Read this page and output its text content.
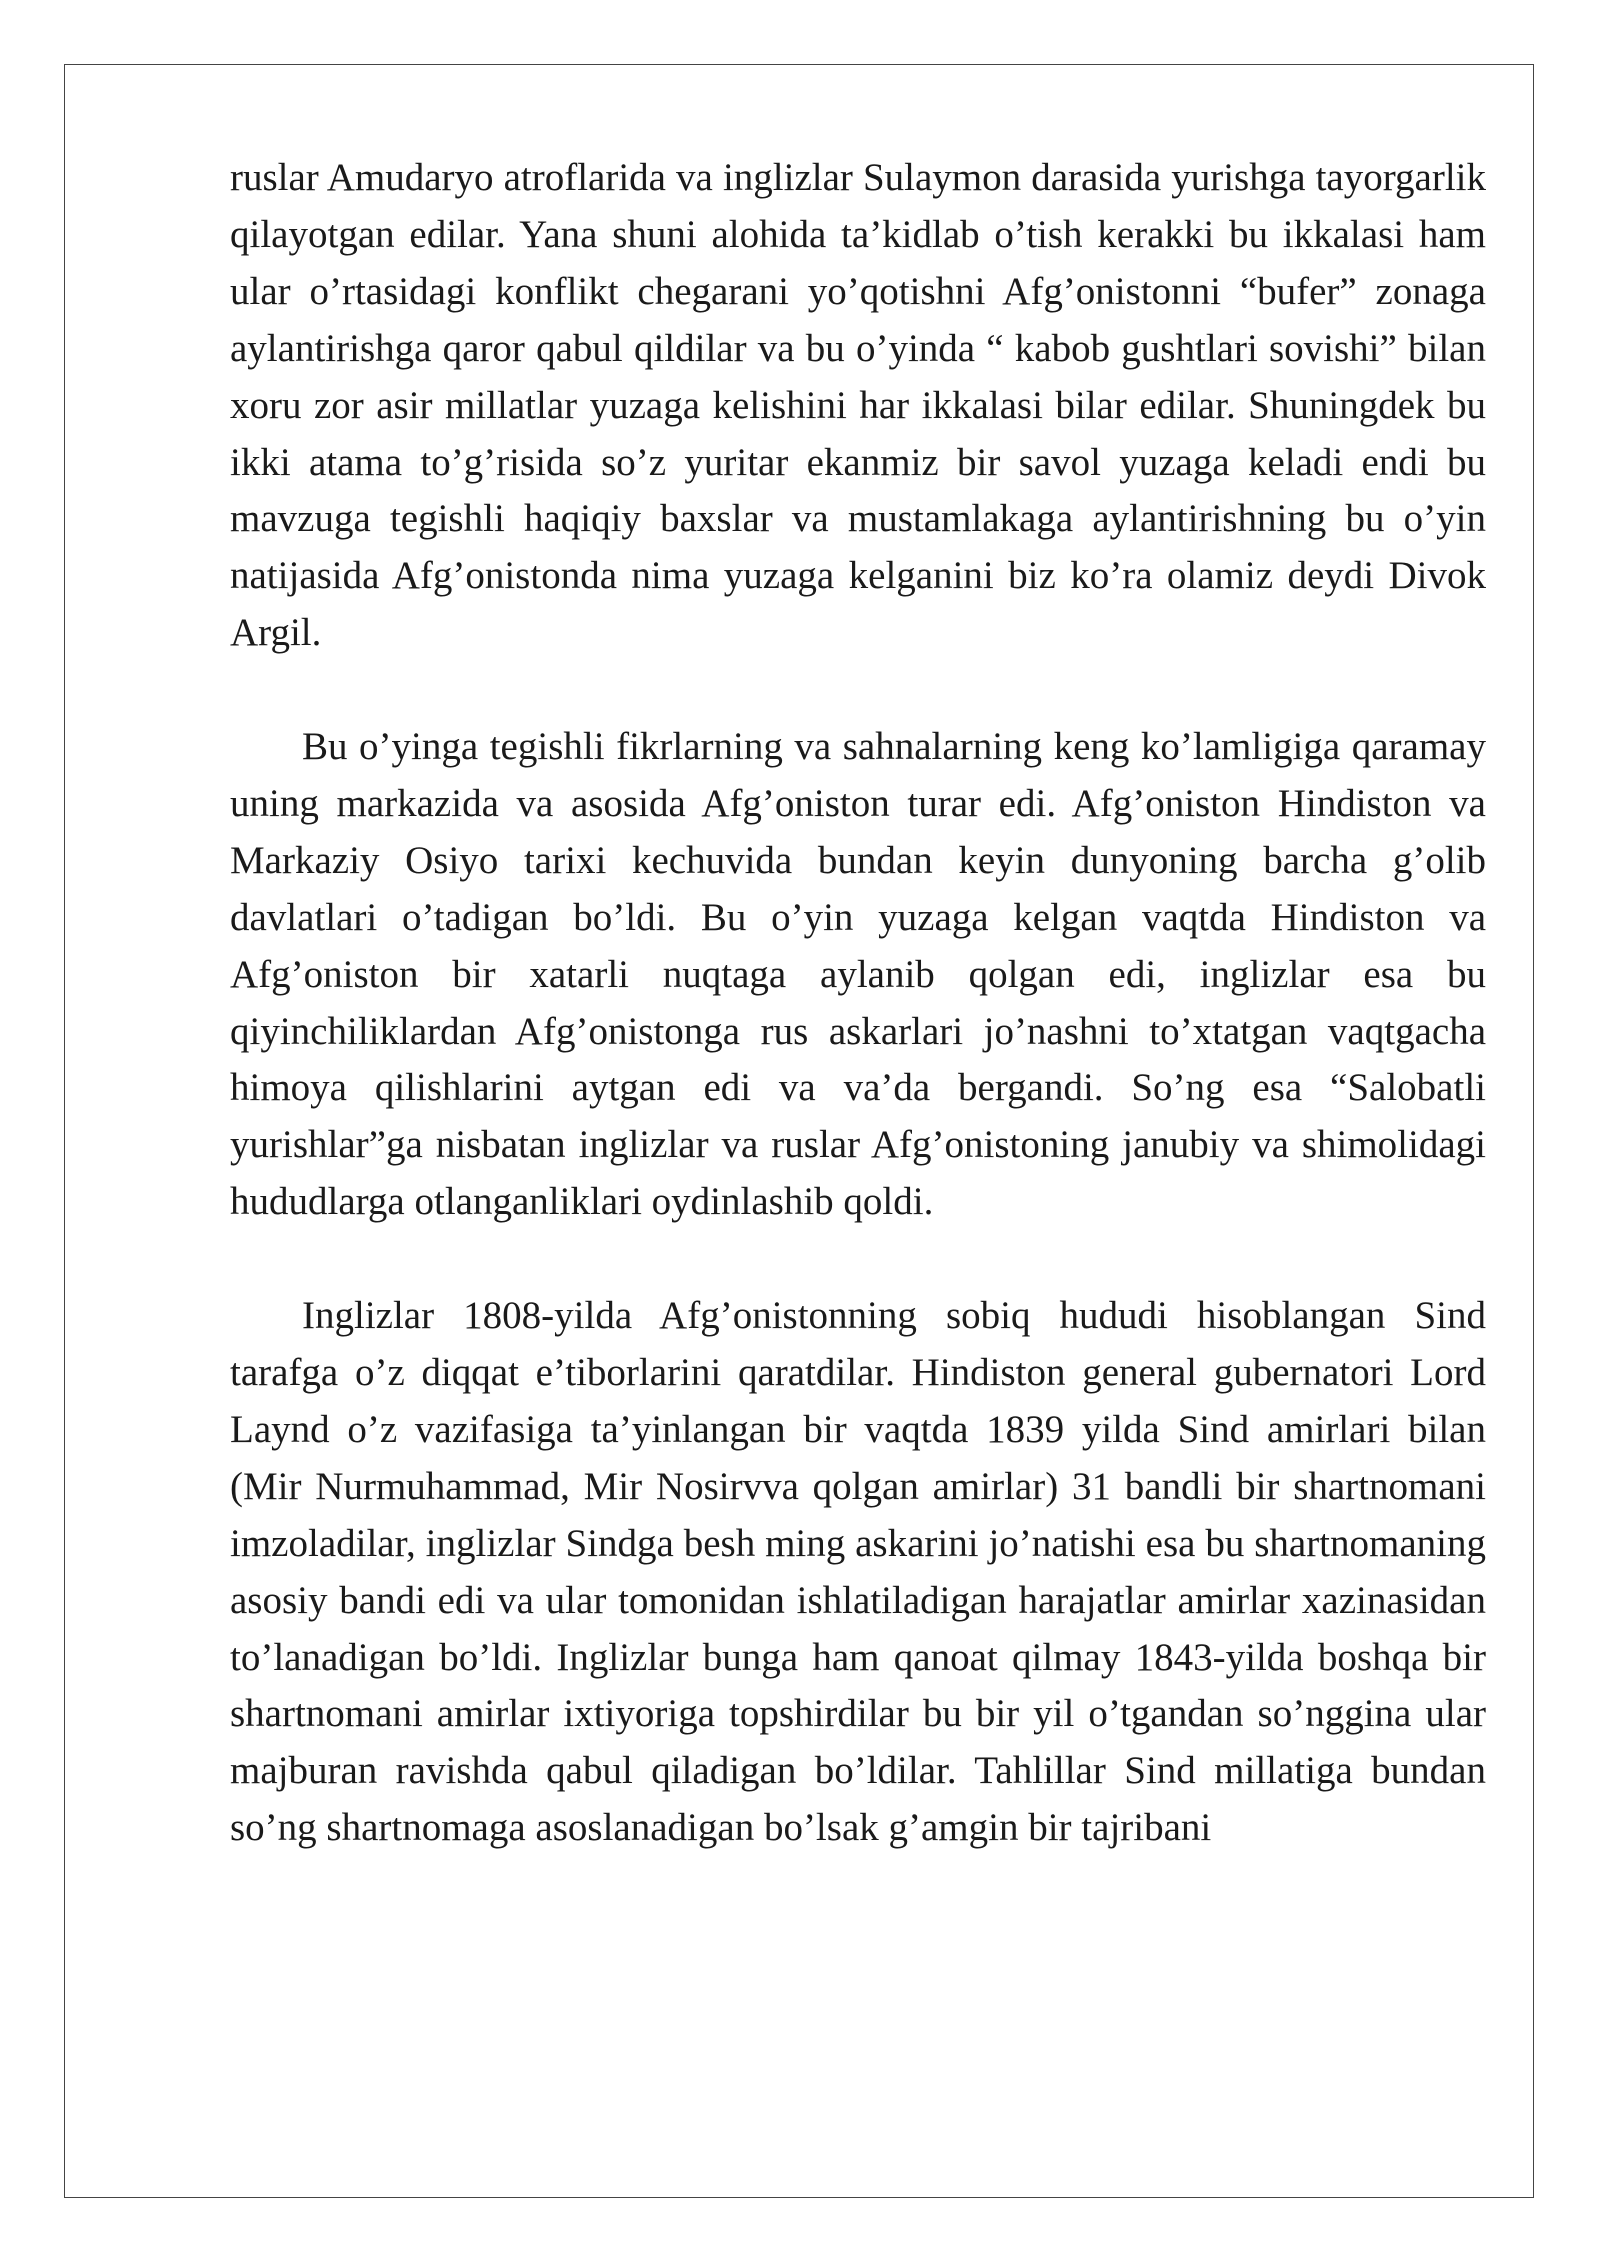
ruslar Amudaryo atroflarida va inglizlar Sulaymon darasida yurishga tayorgarlik qilayotgan edilar. Yana shuni alohida ta’kidlab o’tish kerakki bu ikkalasi ham ular o’rtasidagi konflikt chegarani yo’qotishni Afg’onistonni “bufer” zonaga aylantirishga qaror qabul qildilar va bu o’yinda “ kabob gushtlari sovishi” bilan xoru zor asir millatlar yuzaga kelishini har ikkalasi bilar edilar. Shuningdek bu ikki atama to’g’risida so’z yuritar ekanmiz bir savol yuzaga keladi endi bu mavzuga tegishli haqiqiy baxslar va mustamlakaga aylantirishning bu o’yin natijasida Afg’onistonda nima yuzaga kelganini biz ko’ra olamiz deydi Divok Argil.

Bu o’yinga tegishli fikrlarning va sahnalarning keng ko’lamligiga qaramay uning markazida va asosida Afg’oniston turar edi. Afg’oniston Hindiston va Markaziy Osiyo tarixi kechuvida bundan keyin dunyoning barcha g’olib davlatlari o’tadigan bo’ldi. Bu o’yin yuzaga kelgan vaqtda Hindiston va Afg’oniston bir xatarli nuqtaga aylanib qolgan edi, inglizlar esa bu qiyinchiliklardan Afg’onistonga rus askarlari jo’nashni to’xtatgan vaqtgacha himoya qilishlarini aytgan edi va va’da bergandi. So’ng esa “Salobatli yurishlar”ga nisbatan inglizlar va ruslar Afg’onistoning janubiy va shimolidagi hududlarga otlanganliklari oydinlashib qoldi.

Inglizlar 1808-yilda Afg’onistonning sobiq hududi hisoblangan Sind tarafga o’z diqqat e’tiborlarini qaratdilar. Hindiston general gubernatori Lord Laynd o’z vazifasiga ta’yinlangan bir vaqtda 1839 yilda Sind amirlari bilan (Mir Nurmuhammad, Mir Nosirvva qolgan amirlar) 31 bandli bir shartnomani imzoladilar, inglizlar Sindga besh ming askarini jo’natishi esa bu shartnomaning asosiy bandi edi va ular tomonidan ishlatiladigan harajatlar amirlar xazinasidan to’lanadigan bo’ldi. Inglizlar bunga ham qanoat qilmay 1843-yilda boshqa bir shartnomani amirlar ixtiyoriga topshirdilar bu bir yil o’tgandan so’nggina ular majburan ravishda qabul qiladigan bo’ldilar. Tahlillar Sind millatiga bundan so’ng shartnomaga asoslanadigan bo’lsak g’amgin bir tajribani
